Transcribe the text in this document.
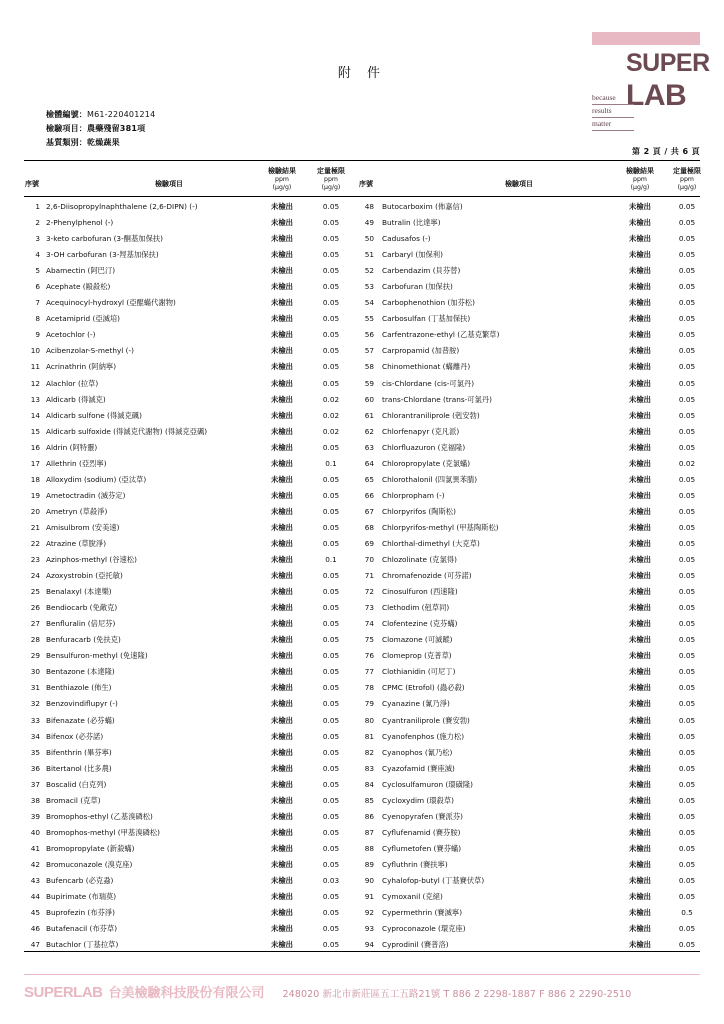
SUPER
LAB
because
results
matter
附 件
檢體編號：M61-220401214
檢驗項目：農藥殘留381項
基質類別：乾燥蔬果
第 2 頁 / 共 6 頁
序號	檢驗項目
檢驗結果
ppm
(μg/g)
定量極限
ppm
(μg/g)	序號	檢驗項目
檢驗結果
ppm
(μg/g)
定量極限
ppm
(μg/g)
1 2,6-Diisopropylnaphthalene (2,6-DIPN) (-)	未檢出	0.05	48 Butocarboxim (佈嘉信)	未檢出	0.05
2 2-Phenylphenol (-)	未檢出	0.05	49 Butralin (比達寧)	未檢出	0.05
3 3-keto carbofuran (3-酮基加保扶)	未檢出	0.05	50 Cadusafos (-)	未檢出	0.05
4 3-OH carbofuran (3-羥基加保扶)	未檢出	0.05	51 Carbaryl (加保利)	未檢出	0.05
5 Abamectin (阿巴汀)	未檢出	0.05	52 Carbendazim (貝芬替)	未檢出	0.05
6 Acephate (毆殺松)	未檢出	0.05	53 Carbofuran (加保扶)	未檢出	0.05
7 Acequinocyl-hydroxyl (亞醌蟎代謝物)	未檢出	0.05	54 Carbophenothion (加芬松)	未檢出	0.05
8 Acetamiprid (亞滅培)	未檢出	0.05	55 Carbosulfan (丁基加保扶)	未檢出	0.05
9 Acetochlor (-)	未檢出	0.05	56 Carfentrazone-ethyl (乙基克繁草)	未檢出	0.05
10 Acibenzolar-S-methyl (-)	未檢出	0.05	57 Carpropamid (加普胺)	未檢出	0.05
11 Acrinathrin (阿納寧)	未檢出	0.05	58 Chinomethionat (蟎離丹)	未檢出	0.05
12 Alachlor (拉草)	未檢出	0.05	59 cis-Chlordane (cis-可氯丹)	未檢出	0.05
13 Aldicarb (得滅克)	未檢出	0.02	60 trans-Chlordane (trans-可氯丹)	未檢出	0.05
14 Aldicarb sulfone (得滅克碸)	未檢出	0.02	61 Chlorantraniliprole (剋安勃)	未檢出	0.05
15 Aldicarb sulfoxide (得滅克代謝物) (得滅克亞碸)	未檢出	0.02	62 Chlorfenapyr (克凡派)	未檢出	0.05
16 Aldrin (阿特靈)	未檢出	0.05	63 Chlorfluazuron (克福隆)	未檢出	0.05
17 Allethrin (亞烈寧)	未檢出	0.1	64 Chloropropylate (克氯蟎)	未檢出	0.02
18 Alloxydim (sodium) (亞汰草)	未檢出	0.05	65 Chlorothalonil (四氯異苯腈)	未檢出	0.05
19 Ametoctradin (滅芬定)	未檢出	0.05	66 Chlorpropham (-)	未檢出	0.05
20 Ametryn (草殺淨)	未檢出	0.05	67 Chlorpyrifos (陶斯松)	未檢出	0.05
21 Amisulbrom (安美速)	未檢出	0.05	68 Chlorpyrifos-methyl (甲基陶斯松)	未檢出	0.05
22 Atrazine (草脫淨)	未檢出	0.05	69 Chlorthal-dimethyl (大克草)	未檢出	0.05
23 Azinphos-methyl (谷速松)	未檢出	0.1	70 Chlozolinate (克氯得)	未檢出	0.05
24 Azoxystrobin (亞托敏)	未檢出	0.05	71 Chromafenozide (可芬諾)	未檢出	0.05
25 Benalaxyl (本達樂)	未檢出	0.05	72 Cinosulfuron (西速隆)	未檢出	0.05
26 Bendiocarb (免敵克)	未檢出	0.05	73 Clethodim (剋草同)	未檢出	0.05
27 Benfluralin (倍尼芬)	未檢出	0.05	74 Clofentezine (克芬蟎)	未檢出	0.05
28 Benfuracarb (免扶克)	未檢出	0.05	75 Clomazone (可滅蹤)	未檢出	0.05
29 Bensulfuron-methyl (免速隆)	未檢出	0.05	76 Clomeprop (克普草)	未檢出	0.05
30 Bentazone (本達隆)	未檢出	0.05	77 Clothianidin (可尼丁)	未檢出	0.05
31 Benthiazole (佈生)	未檢出	0.05	78 CPMC (Etrofol) (蟲必殺)	未檢出	0.05
32 Benzovindiflupyr (-)	未檢出	0.05	79 Cyanazine (氰乃淨)	未檢出	0.05
33 Bifenazate (必芬蟎)	未檢出	0.05	80 Cyantraniliprole (賽安勃)	未檢出	0.05
34 Bifenox (必芬諾)	未檢出	0.05	81 Cyanofenphos (施力松)	未檢出	0.05
35 Bifenthrin (畢芬寧)	未檢出	0.05	82 Cyanophos (氰乃松)	未檢出	0.05
36 Bitertanol (比多農)	未檢出	0.05	83 Cyazofamid (賽座滅)	未檢出	0.05
37 Boscalid (白克列)	未檢出	0.05	84 Cyclosulfamuron (環磺隆)	未檢出	0.05
38 Bromacil (克草)	未檢出	0.05	85 Cycloxydim (環殺草)	未檢出	0.05
39 Bromophos-ethyl (乙基溴磷松)	未檢出	0.05	86 Cyenopyrafen (賽派芬)	未檢出	0.05
40 Bromophos-methyl (甲基溴磷松)	未檢出	0.05	87 Cyflufenamid (賽芬胺)	未檢出	0.05
41 Bromopropylate (新殺蟎)	未檢出	0.05	88 Cyflumetofen (賽芬蟎)	未檢出	0.05
42 Bromuconazole (溴克座)	未檢出	0.05	89 Cyfluthrin (賽扶寧)	未檢出	0.05
43 Bufencarb (必克蝨)	未檢出	0.03	90 Cyhalofop-butyl (丁基賽伏草)	未檢出	0.05
44 Bupirimate (布瑞莫)	未檢出	0.05	91 Cymoxanil (克絕)	未檢出	0.05
45 Buprofezin (布芬淨)	未檢出	0.05	92 Cypermethrin (賽滅寧)	未檢出	0.5
46 Butafenacil (布芬草)	未檢出	0.05	93 Cyproconazole (環克座)	未檢出	0.05
47 Butachlor (丁基拉草)	未檢出	0.05	94 Cyprodinil (賽普洛)	未檢出	0.05
SUPERLAB 台美檢驗科技股份有限公司 248020 新北市新莊區五工五路21號 T 886 2 2298-1887 F 886 2 2290-2510
